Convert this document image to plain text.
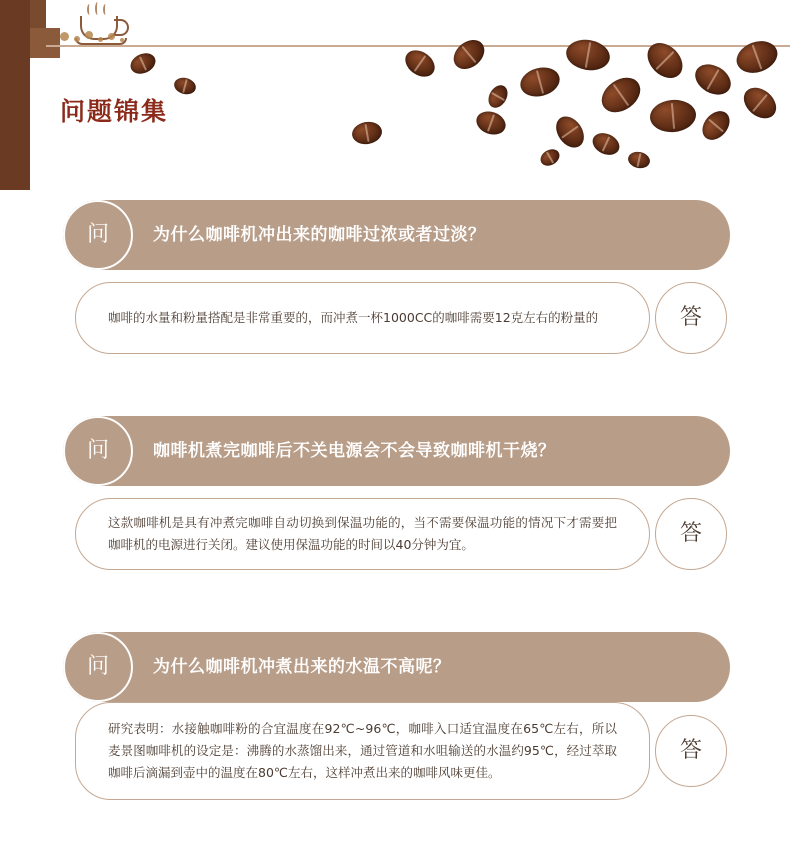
问题锦集
问	为什么咖啡机冲出来的咖啡过浓或者过淡？
咖啡的水量和粉量搭配是非常重要的，而冲煮一杯1000CC的咖啡需要12克左右的粉量的	答
问	咖啡机煮完咖啡后不关电源会不会导致咖啡机干烧？
这款咖啡机是具有冲煮完咖啡自动切换到保温功能的，当不需要保温功能的情况下才需要把咖啡机的电源进行关闭。建议使用保温功能的时间以40分钟为宜。	答
问	为什么咖啡机冲煮出来的水温不高呢？
研究表明：水接触咖啡粉的合宜温度在92℃~96℃，咖啡入口适宜温度在65℃左右，所以麦景图咖啡机的设定是：沸腾的水蒸馏出来，通过管道和水咀输送的水温约95℃，经过萃取咖啡后滴漏到壶中的温度在80℃左右，这样冲煮出来的咖啡风味更佳。
答
